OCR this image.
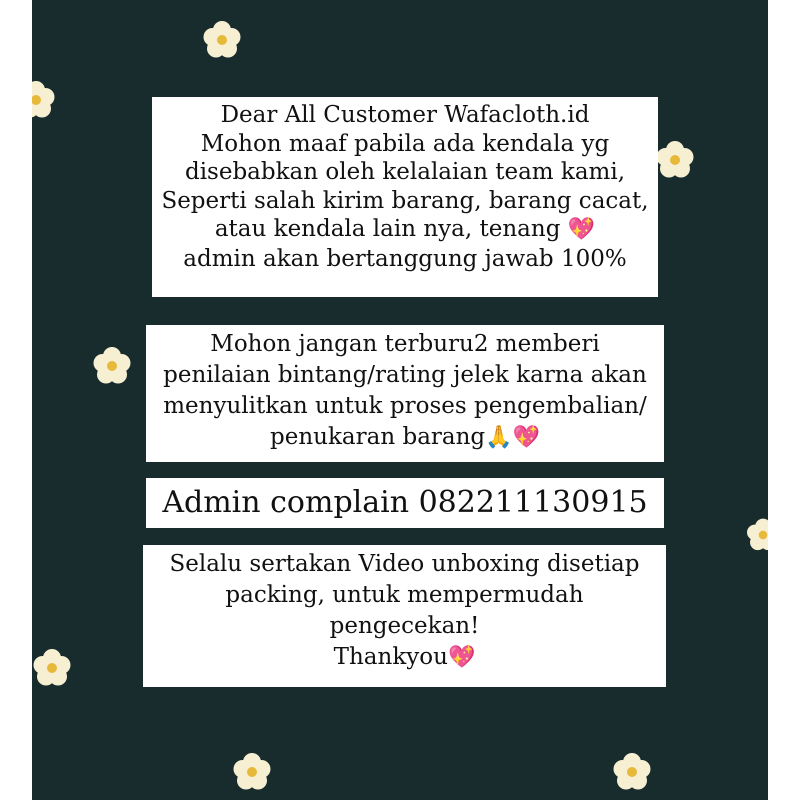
Dear All Customer Wafacloth.id
Mohon maaf pabila ada kendala yg
disebabkan oleh kelalaian team kami,
Seperti salah kirim barang, barang cacat,
atau kendala lain nya, tenang 💖
admin akan bertanggung jawab 100%
Mohon jangan terburu2 memberi
penilaian bintang/rating jelek karna akan
menyulitkan untuk proses pengembalian/
penukaran barang🙏💖
Admin complain 082211130915
Selalu sertakan Video unboxing disetiap
packing, untuk mempermudah
pengecekan!
Thankyou💖
